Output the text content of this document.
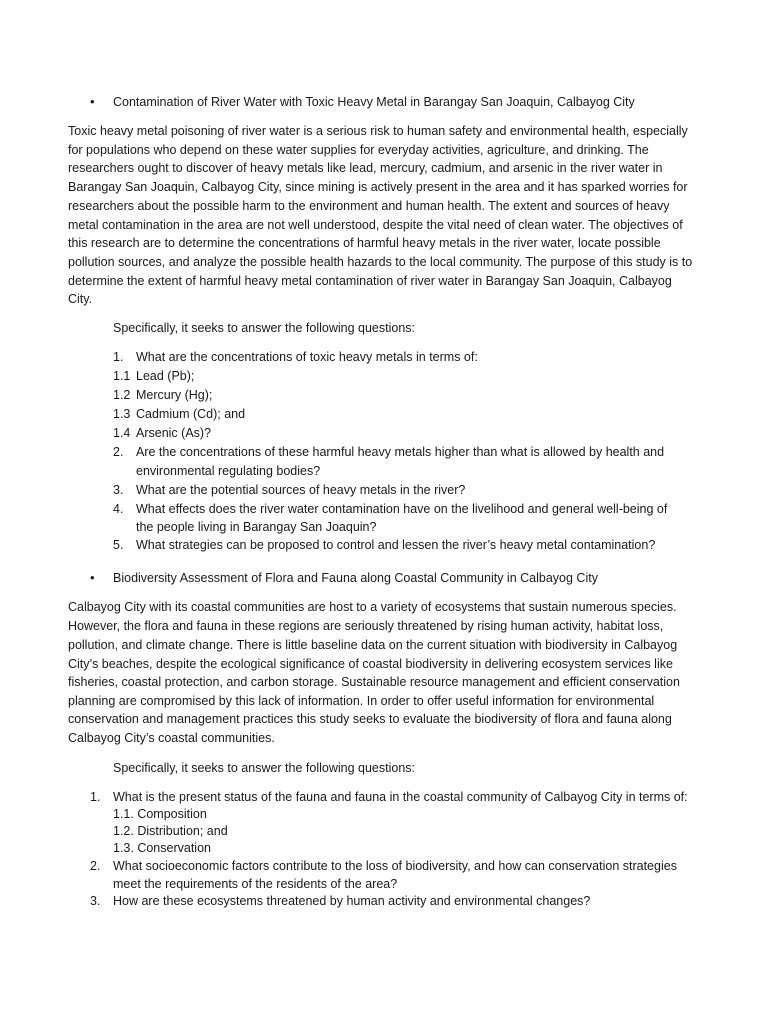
• Contamination of River Water with Toxic Heavy Metal in Barangay San Joaquin, Calbayog City
Toxic heavy metal poisoning of river water is a serious risk to human safety and environmental health, especially
for populations who depend on these water supplies for everyday activities, agriculture, and drinking. The
researchers ought to discover of heavy metals like lead, mercury, cadmium, and arsenic in the river water in
Barangay San Joaquin, Calbayog City, since mining is actively present in the area and it has sparked worries for
researchers about the possible harm to the environment and human health. The extent and sources of heavy
metal contamination in the area are not well understood, despite the vital need of clean water. The objectives of
this research are to determine the concentrations of harmful heavy metals in the river water, locate possible
pollution sources, and analyze the possible health hazards to the local community. The purpose of this study is to
determine the extent of harmful heavy metal contamination of river water in Barangay San Joaquin, Calbayog
City.
Specifically, it seeks to answer the following questions:
1. What are the concentrations of toxic heavy metals in terms of:
1.1 Lead (Pb);
1.2 Mercury (Hg);
1.3 Cadmium (Cd); and
1.4 Arsenic (As)?
2. Are the concentrations of these harmful heavy metals higher than what is allowed by health and
environmental regulating bodies?
3. What are the potential sources of heavy metals in the river?
4. What effects does the river water contamination have on the livelihood and general well-being of
the people living in Barangay San Joaquin?
5. What strategies can be proposed to control and lessen the river’s heavy metal contamination?
• Biodiversity Assessment of Flora and Fauna along Coastal Community in Calbayog City
Calbayog City with its coastal communities are host to a variety of ecosystems that sustain numerous species.
However, the flora and fauna in these regions are seriously threatened by rising human activity, habitat loss,
pollution, and climate change. There is little baseline data on the current situation with biodiversity in Calbayog
City’s beaches, despite the ecological significance of coastal biodiversity in delivering ecosystem services like
fisheries, coastal protection, and carbon storage. Sustainable resource management and efficient conservation
planning are compromised by this lack of information. In order to offer useful information for environmental
conservation and management practices this study seeks to evaluate the biodiversity of flora and fauna along
Calbayog City’s coastal communities.
Specifically, it seeks to answer the following questions:
1. What is the present status of the fauna and fauna in the coastal community of Calbayog City in terms of:
1.1. Composition
1.2. Distribution; and
1.3. Conservation
2. What socioeconomic factors contribute to the loss of biodiversity, and how can conservation strategies
meet the requirements of the residents of the area?
3. How are these ecosystems threatened by human activity and environmental changes?
